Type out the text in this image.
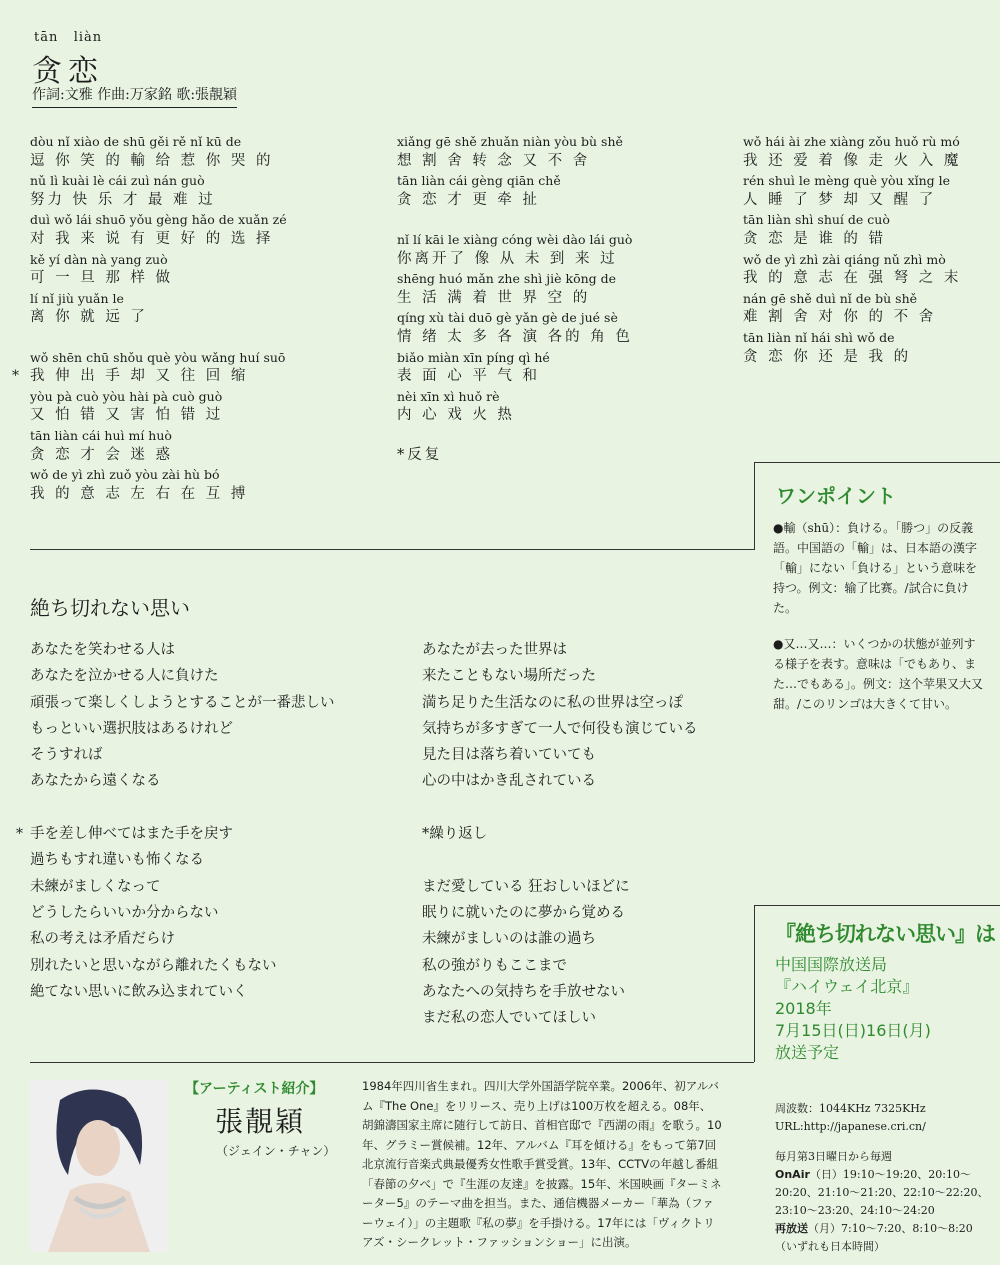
tān   liàn
贪恋
作詞:文雅 作曲:万家銘 歌:張靚穎
dòu nǐ xiào de shū gěi rě nǐ kū de
逗 你 笑 的 輸 给 惹 你 哭 的
nǔ lì kuài lè cái zuì nán guò
努力 快 乐 才 最 难 过
duì wǒ lái shuō yǒu gèng hǎo de xuǎn zé
对 我 来 说 有 更 好 的 选 择
kě yí dàn nà yang zuò
可 一 旦 那 样 做
lí nǐ jiù yuǎn le
离 你 就 远 了
wǒ shēn chū shǒu què yòu wǎng huí suō
* 我 伸 出 手 却 又 往 回 缩
yòu pà cuò yòu hài pà cuò guò
又 怕 错 又 害 怕 错 过
tān liàn cái huì mí huò
贪 恋 才 会 迷 惑
wǒ de yì zhì zuǒ yòu zài hù bó
我 的 意 志 左 右 在 互 搏
xiǎng gē shě zhuǎn niàn yòu bù shě
想 割 舍 转 念 又 不 舍
tān liàn cái gèng qiān chě
贪 恋 才 更 牵 扯
nǐ lí kāi le xiàng cóng wèi dào lái guò
你离开了 像 从 未 到 来 过
shēng huó mǎn zhe shì jiè kōng de
生 活 满 着 世 界 空 的
qíng xù tài duō gè yǎn gè de jué sè
情 绪 太 多 各 演 各的 角 色
biǎo miàn xīn píng qì hé
表 面 心 平 气 和
nèi xīn xì huǒ rè
内 心 戏 火 热
*反复
wǒ hái ài zhe xiàng zǒu huǒ rù mó
我 还 爱 着 像 走 火 入 魔
rén shuì le mèng què yòu xǐng le
人 睡 了 梦 却 又 醒 了
tān liàn shì shuí de cuò
贪 恋 是 谁 的 错
wǒ de yì zhì zài qiáng nǔ zhì mò
我 的 意 志 在 强 弩 之 末
nán gē shě duì nǐ de bù shě
难 割 舍 对 你 的 不 舍
tān liàn nǐ hái shì wǒ de
贪 恋 你 还 是 我 的
ワンポイント

●輸（shū）：負ける。「勝つ」の反義語。中国語の「輸」は、日本語の漢字「輸」にない「負ける」という意味を持つ。例文：输了比赛。/試合に負けた。

●又…又…：いくつかの状態が並列する様子を表す。意味は「でもあり、また…でもある」。例文：这个苹果又大又甜。/このリンゴは大きくて甘い。

絶ち切れない思い
あなたを笑わせる人は
あなたを泣かせる人に負けた
頑張って楽しくしようとすることが一番悲しい
もっといい選択肢はあるけれど
そうすれば
あなたから遠くなる
* 手を差し伸べてはまた手を戻す
過ちもすれ違いも怖くなる
未練がましくなって
どうしたらいいか分からない
私の考えは矛盾だらけ
別れたいと思いながら離れたくもない
絶てない思いに飲み込まれていく
あなたが去った世界は
来たこともない場所だった
満ち足りた生活なのに私の世界は空っぽ
気持ちが多すぎて一人で何役も演じている
見た目は落ち着いていても
心の中はかき乱されている
*繰り返し
まだ愛している 狂おしいほどに
眠りに就いたのに夢から覚める
未練がましいのは誰の過ち
私の強がりもここまで
あなたへの気持ちを手放せない
まだ私の恋人でいてほしい
『絶ち切れない思い』は
中国国際放送局
『ハイウェイ北京』
2018年
7月15日(日)16日(月)
放送予定
【アーティスト紹介】
張靚穎
（ジェイン・チャン）
1984年四川省生まれ。四川大学外国語学院卒業。2006年、初アルバム『The One』をリリース、売り上げは100万枚を超える。08年、胡錦濤国家主席に随行して訪日、首相官邸で『西湖の雨』を歌う。10年、グラミー賞候補。12年、アルバム『耳を傾ける』をもって第7回北京流行音楽式典最優秀女性歌手賞受賞。13年、CCTVの年越し番組「春節の夕べ」で『生涯の友達』を披露。15年、米国映画『ターミネーター5』のテーマ曲を担当。また、通信機器メーカー「華為（ファーウェイ）」の主題歌『私の夢』を手掛ける。17年には「ヴィクトリアズ・シークレット・ファッションショー」に出演。
周波数：1044KHz 7325KHz
URL:http://japanese.cri.cn/
毎月第3日曜日から毎週
OnAir（日）19:10～19:20、20:10～20:20、21:10～21:20、22:10～22:20、23:10～23:20、24:10～24:20
再放送（月）7:10～7:20、8:10～8:20
（いずれも日本時間）
